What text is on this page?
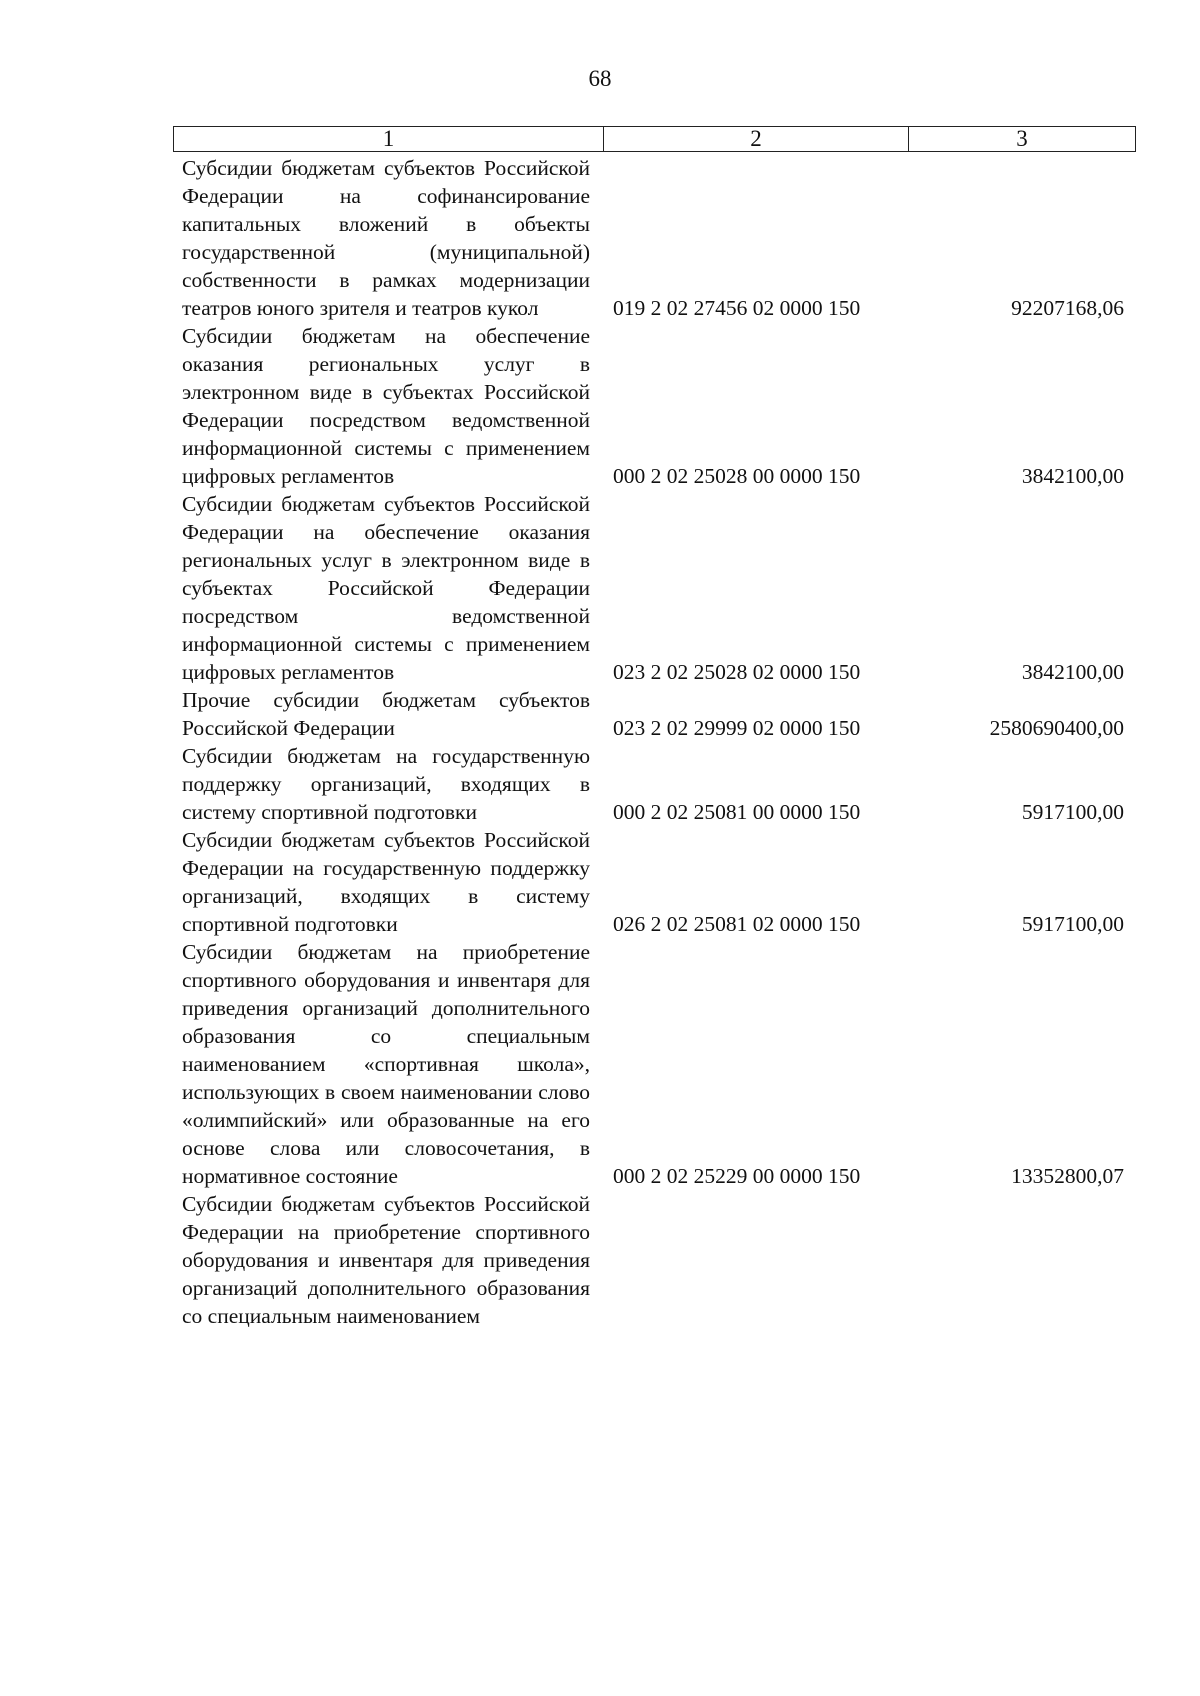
68
1	2	3
Субсидии бюджетам субъектов Российской Федерации на софинансирование капитальных вложений в объекты государственной (муниципальной) собственности в рамках модернизации театров юного зрителя и театров кукол	019 2 02 27456 02 0000 150	92207168,06
Субсидии бюджетам на обеспечение оказания региональных услуг в электронном виде в субъектах Российской Федерации посредством ведомственной информационной системы с применением цифровых регламентов	000 2 02 25028 00 0000 150	3842100,00
Субсидии бюджетам субъектов Российской Федерации на обеспечение оказания региональных услуг в электронном виде в субъектах Российской Федерации посредством ведомственной информационной системы с применением цифровых регламентов	023 2 02 25028 02 0000 150	3842100,00
Прочие субсидии бюджетам субъектов Российской Федерации	023 2 02 29999 02 0000 150	2580690400,00
Субсидии бюджетам на государственную поддержку организаций, входящих в систему спортивной подготовки	000 2 02 25081 00 0000 150	5917100,00
Субсидии бюджетам субъектов Российской Федерации на государственную поддержку организаций, входящих в систему спортивной подготовки	026 2 02 25081 02 0000 150	5917100,00
Субсидии бюджетам на приобретение спортивного оборудования и инвентаря для приведения организаций дополнительного образования со специальным наименованием «спортивная школа», использующих в своем наименовании слово «олимпийский» или образованные на его основе слова или словосочетания, в нормативное состояние	000 2 02 25229 00 0000 150	13352800,07
Субсидии бюджетам субъектов Российской Федерации на приобретение спортивного оборудования и инвентаря для приведения организаций дополнительного образования со специальным наименованием
